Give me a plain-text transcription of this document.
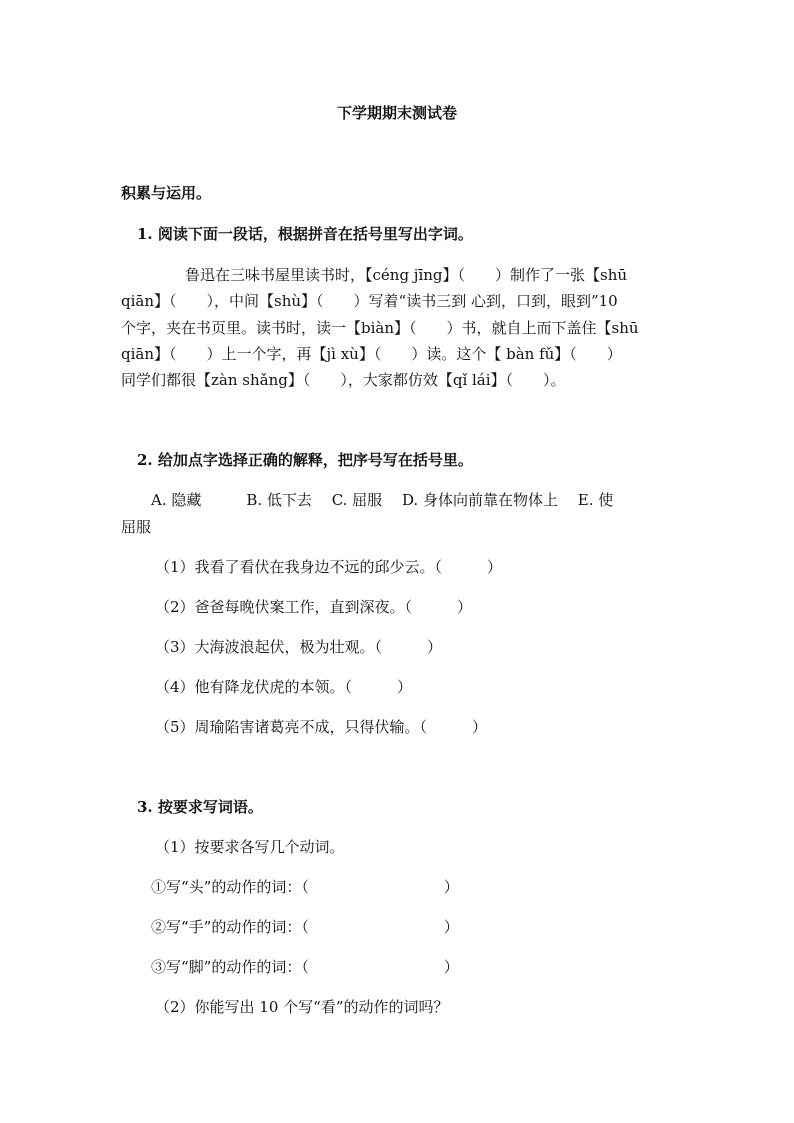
下学期期末测试卷
积累与运用。
1. 阅读下面一段话，根据拼音在括号里写出字词。
鲁迅在三味书屋里读书时，【céng jīng】（　　）制作了一张【shū
qiān】（　　），中间【shù】（　　）写着“读书三到 心到，口到，眼到”10
个字，夹在书页里。读书时，读一【biàn】（　　）书，就自上而下盖住【shū
qiān】（　　）上一个字，再【jì xù】（　　）读。这个【 bàn fǔ】（　　）
同学们都很【zàn shǎng】（　　），大家都仿效【qǐ lái】（　　）。
2. 给加点字选择正确的解释，把序号写在括号里。
A. 隐藏　　　B. 低下去　 C. 屈服　 D. 身体向前靠在物体上　 E. 使
屈服
（1）我看了看伏在我身边不远的邱少云。（　　　）
（2）爸爸每晚伏案工作，直到深夜。（　　　）
（3）大海波浪起伏，极为壮观。（　　　）
（4）他有降龙伏虎的本领。（　　　）
（5）周瑜陷害诸葛亮不成，只得伏输。（　　　）
3. 按要求写词语。
（1）按要求各写几个动词。
①写“头”的动作的词：（　　　　　　　　　）
②写“手”的动作的词：（　　　　　　　　　）
③写“脚”的动作的词：（　　　　　　　　　）
（2）你能写出 10 个写“看”的动作的词吗？
